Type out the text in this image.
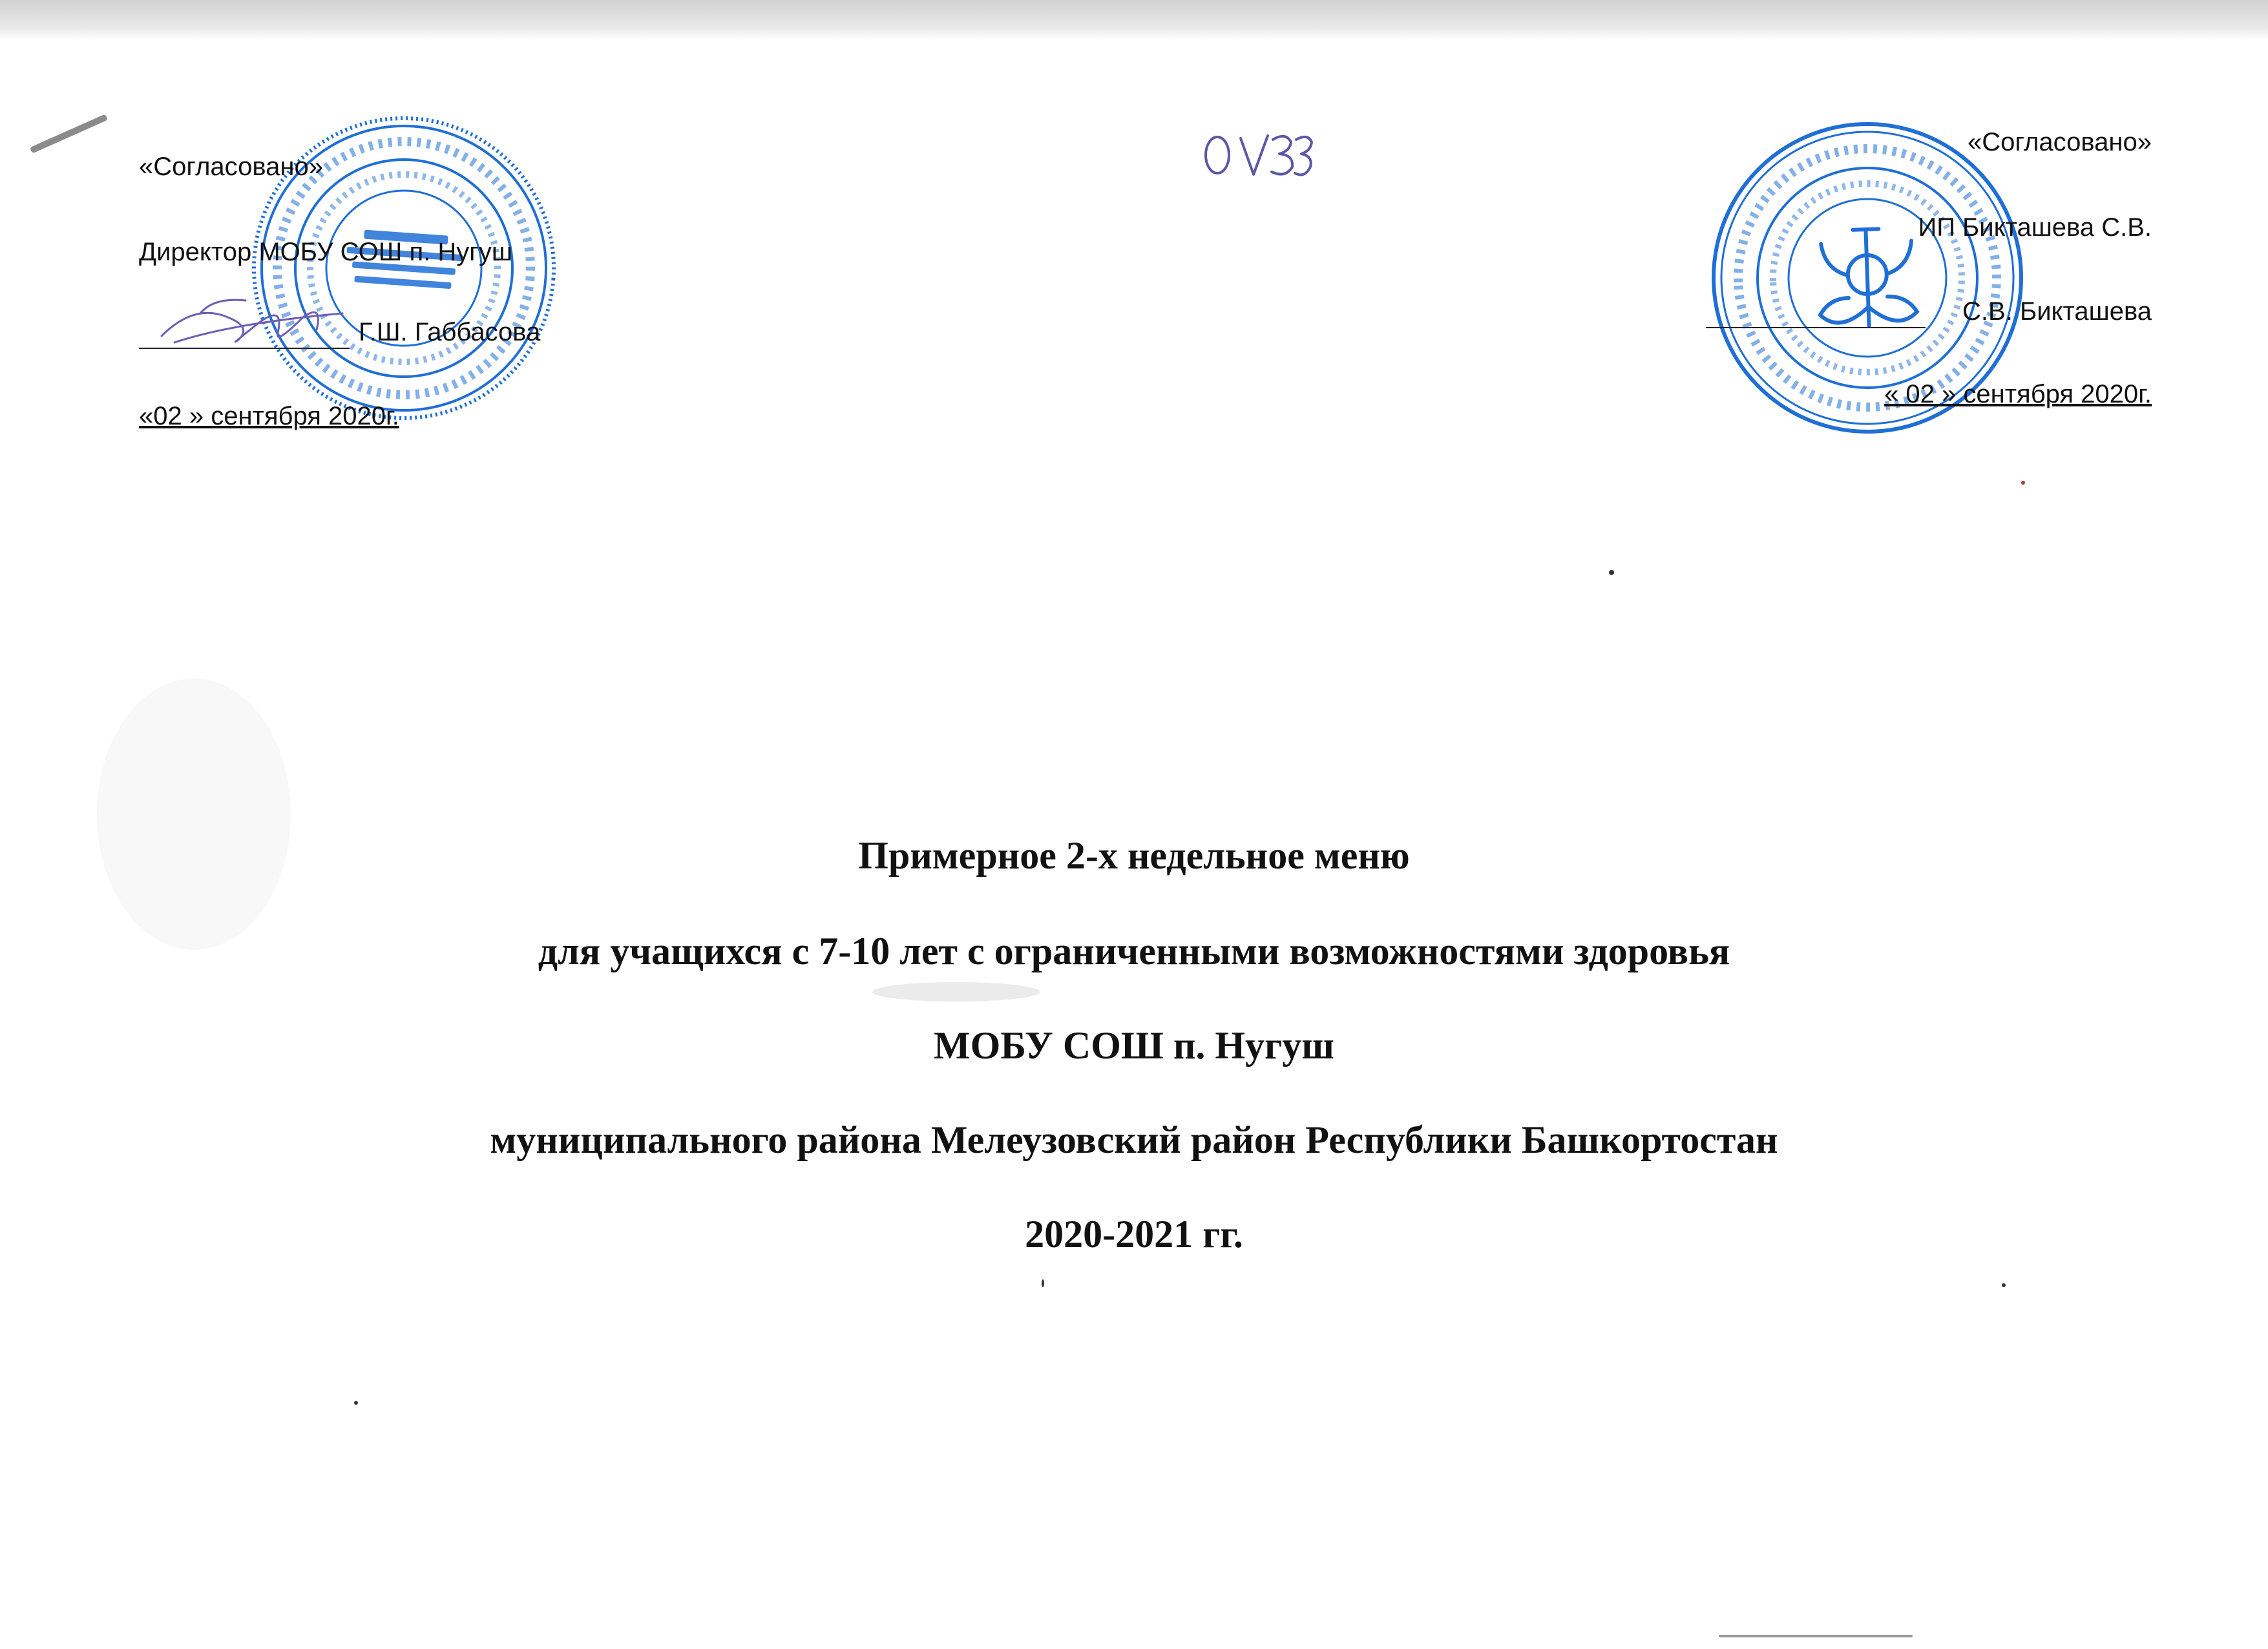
«Согласовано»
Директор МОБУ СОШ п. Нугуш
Г.Ш. Габбасова
«02 » сентября 2020г.
«Согласовано»
ИП Бикташева С.В.
С.В. Бикташева
« 02 » сентября 2020г.
Примерное 2-х недельное меню
для учащихся с 7-10 лет с ограниченными возможностями здоровья
МОБУ СОШ п. Нугуш
муниципального района Мелеузовский район Республики Башкортостан
2020-2021 гг.
